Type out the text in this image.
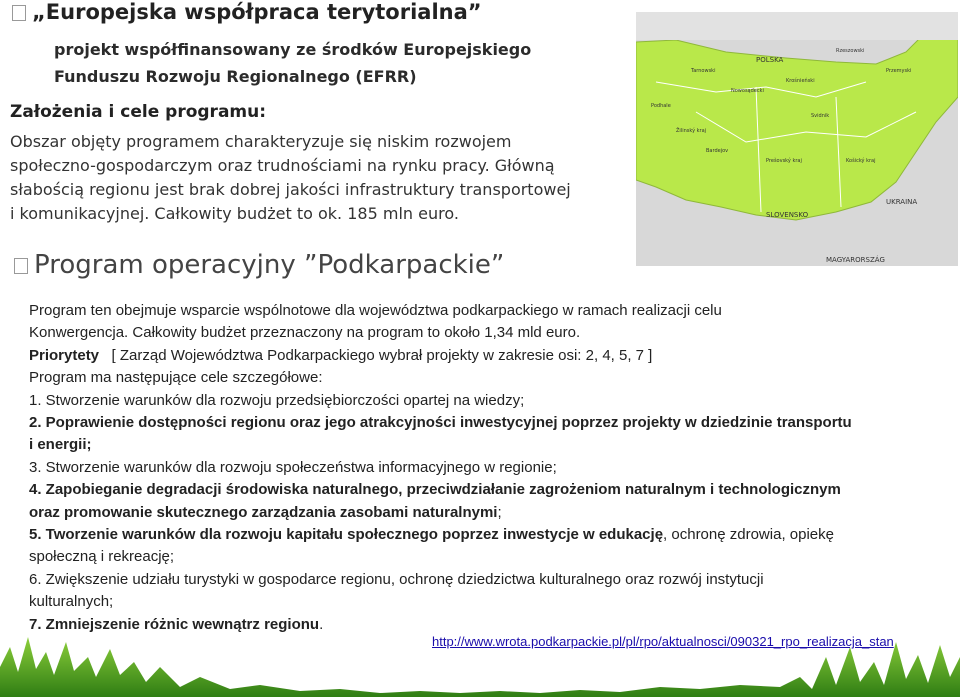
„Europejska współpraca terytorialna”
projekt współfinansowany ze środków Europejskiego
Funduszu Rozwoju Regionalnego (EFRR)
Założenia i cele programu:
Obszar objęty programem charakteryzuje się niskim rozwojem
społeczno-gospodarczym oraz trudnościami na rynku pracy. Główną
słabością regionu jest brak dobrej jakości infrastruktury transportowej
i komunikacyjnej. Całkowity budżet to ok. 185 mln euro.
POLSKA
SLOVENSKO
UKRAINA
MAGYARORSZÁG
Žilinský kraj
Prešovský kraj	Košický kraj
Tarnowski
Nowosądecki
Krośnieński
Rzeszowski
Przemyski
Bardejov
Svidnik
Podhale
Program operacyjny ”Podkarpackie”

Program ten obejmuje wsparcie wspólnotowe dla województwa podkarpackiego w ramach realizacji celu

Konwergencja. Całkowity budżet przeznaczony na program to około 1,34 mld euro.

Priorytety [ Zarząd Województwa Podkarpackiego wybrał projekty w zakresie osi: 2, 4, 5, 7 ]

Program ma następujące cele szczegółowe:

1. Stworzenie warunków dla rozwoju przedsiębiorczości opartej na wiedzy;

2. Poprawienie dostępności regionu oraz jego atrakcyjności inwestycyjnej poprzez projekty w dziedzinie transportu

i energii;

3. Stworzenie warunków dla rozwoju społeczeństwa informacyjnego w regionie;

4. Zapobieganie degradacji środowiska naturalnego, przeciwdziałanie zagrożeniom naturalnym i technologicznym

oraz promowanie skutecznego zarządzania zasobami naturalnymi;

5. Tworzenie warunków dla rozwoju kapitału społecznego poprzez inwestycje w edukację, ochronę zdrowia, opiekę

społeczną i rekreację;

6. Zwiększenie udziału turystyki w gospodarce regionu, ochronę dziedzictwa kulturalnego oraz rozwój instytucji

kulturalnych;

7. Zmniejszenie różnic wewnątrz regionu.

http://www.wrota.podkarpackie.pl/pl/rpo/aktualnosci/090321_rpo_realizacja_stan
